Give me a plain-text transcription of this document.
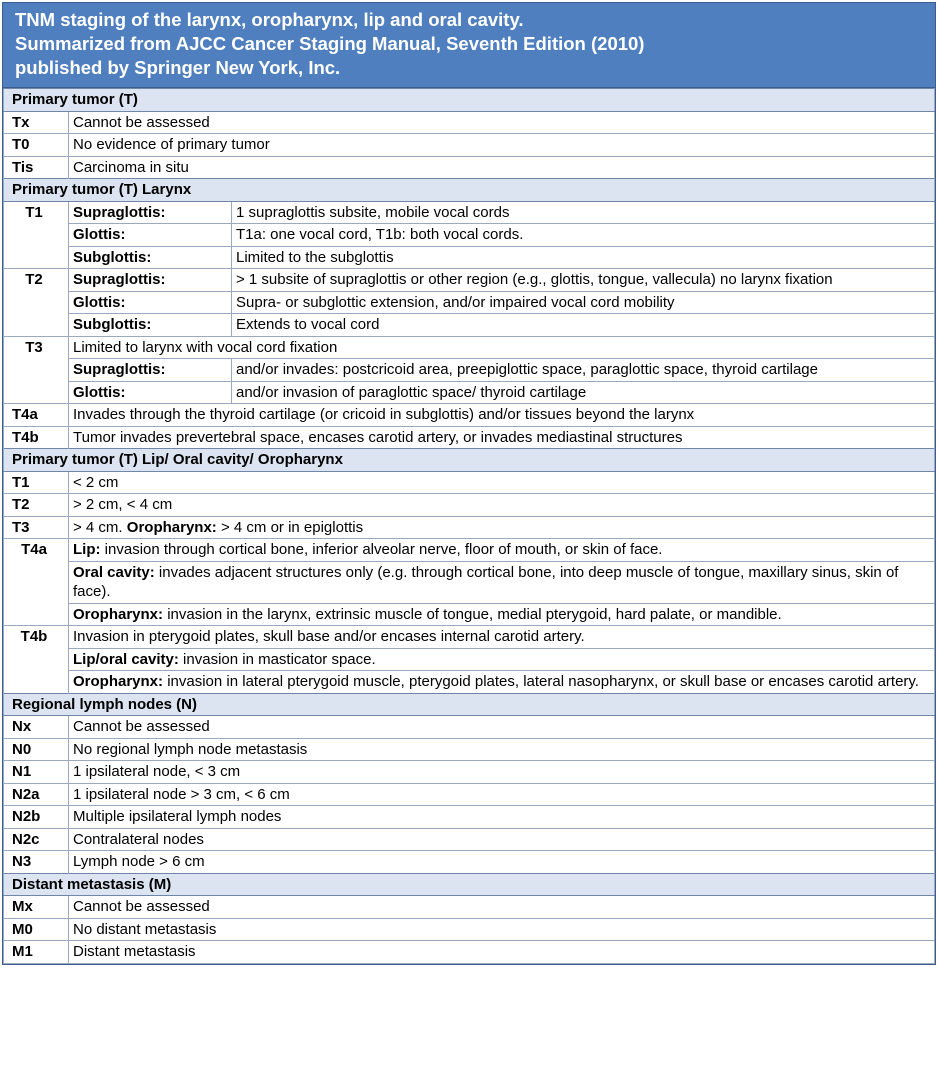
TNM staging of the larynx, oropharynx, lip and oral cavity.
Summarized from AJCC Cancer Staging Manual, Seventh Edition (2010)
published by Springer New York, Inc.
Primary tumor (T)		
Tx	Cannot be assessed	
T0	No evidence of primary tumor	
Tis	Carcinoma in situ	
Primary tumor (T) Larynx		
T1	Supraglottis:	1 supraglottis subsite, mobile vocal cords
	Glottis:	T1a: one vocal cord, T1b: both vocal cords.
	Subglottis:	Limited to the subglottis
T2	Supraglottis:	> 1 subsite of supraglottis or other region (e.g., glottis, tongue, vallecula) no larynx fixation
	Glottis:	Supra- or subglottic extension, and/or impaired vocal cord mobility
	Subglottis:	Extends to vocal cord
T3	Limited to larynx with vocal cord fixation	
	Supraglottis:	and/or invades: postcricoid area, preepiglottic space, paraglottic space, thyroid cartilage
	Glottis:	and/or invasion of paraglottic space/ thyroid cartilage
T4a	Invades through the thyroid cartilage (or cricoid in subglottis) and/or tissues beyond the larynx	
T4b	Tumor invades prevertebral space, encases carotid artery, or invades mediastinal structures	
Primary tumor (T) Lip/ Oral cavity/ Oropharynx		
T1	< 2 cm	
T2	> 2 cm, < 4 cm	
T3	> 4 cm. Oropharynx: > 4 cm or in epiglottis	
T4a	Lip: invasion through cortical bone, inferior alveolar nerve, floor of mouth, or skin of face.	
	Oral cavity: invades adjacent structures only (e.g. through cortical bone, into deep muscle of tongue, maxillary sinus, skin of face).	
	Oropharynx: invasion in the larynx, extrinsic muscle of tongue, medial pterygoid, hard palate, or mandible.	
T4b	Invasion in pterygoid plates, skull base and/or encases internal carotid artery.	
	Lip/oral cavity: invasion in masticator space.	
	Oropharynx: invasion in lateral pterygoid muscle, pterygoid plates, lateral nasopharynx, or skull base or encases carotid artery.	
Regional lymph nodes (N)		
Nx	Cannot be assessed	
N0	No regional lymph node metastasis	
N1	1 ipsilateral node, < 3 cm	
N2a	1 ipsilateral node > 3 cm, < 6 cm	
N2b	Multiple ipsilateral lymph nodes	
N2c	Contralateral nodes	
N3	Lymph node > 6 cm	
Distant metastasis (M)		
Mx	Cannot be assessed	
M0	No distant metastasis	
M1	Distant metastasis	
